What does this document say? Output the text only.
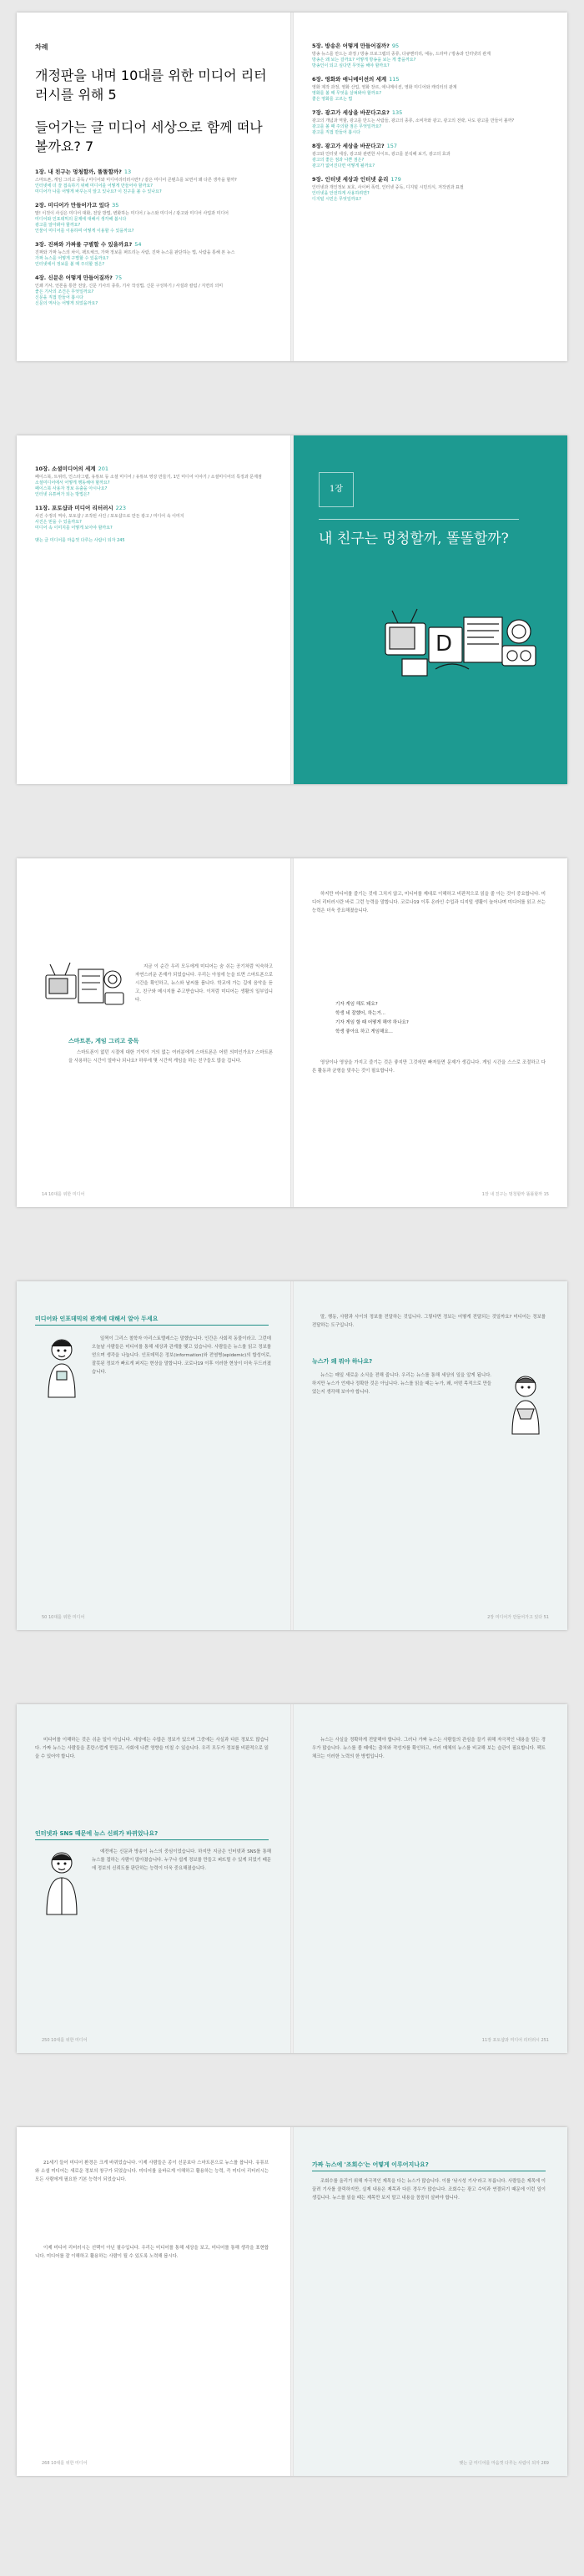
차례

개정판을 내며 10대를 위한 미디어 리터러시를 위해 5

들어가는 글 미디어 세상으로 함께 떠나 볼까요? 7

1장. 내 친구는 멍청할까, 똘똘할까? 13

스마트폰, 게임 그리고 중독 / 미디어와 미디어리터러시란? / 같은 미디어 콘텐츠를 보면서 왜 다른 생각을 할까?

인터넷에 더 잘 접속하기 위해 미디어를 어떻게 만들어야 할까요?

미디어가 나를 어떻게 바꾸는지 알고 있나요? 이 친구를 볼 수 있나요?

2장. 미디어가 만들어가고 있다 35

말! 이것이 사실은 미디어 대화, 전달 방법, 변화하는 미디어 / 뉴스와 미디어 / 광고와 미디어 사업과 미디어

미디어와 인포데믹의 문제에 대해서 생각해 봅시다

광고를 알아봐야 할까요?

인물이 미디어를 이용하며 어떻게 이용할 수 있을까요?

3장. 진짜와 가짜를 구별할 수 있을까요? 54

진짜와 가짜 뉴스의 차이, 팩트체크, 가짜 정보를 퍼뜨리는 사람, 진짜 뉴스를 판단하는 법, 사람을 통해 본 뉴스

가짜 뉴스를 어떻게 구별할 수 있을까요?

인터넷에서 정보를 볼 때 주의할 점은?

4장. 신문은 어떻게 만들어질까? 75

인쇄 기사, 언론을 통한 전달, 신문 기사의 종류, 기사 작성법, 신문 구성하기 / 사설과 칼럼 / 지면의 의미

좋은 기사의 조건은 무엇일까요?

신문을 직접 만들어 봅시다

신문의 역사는 어떻게 되었을까요?

5장. 방송은 어떻게 만들어질까? 95

방송 뉴스를 만드는 과정 / 방송 프로그램의 종류, 다큐멘터리, 예능, 드라마 / 방송과 인터넷의 관계

방송은 왜 보는 걸까요? 어떻게 방송을 보는 게 좋을까요?

방송인이 되고 싶다면 무엇을 해야 할까요?

6장. 영화와 애니메이션의 세계 115

영화 제작 과정, 영화 산업, 영화 장르, 애니메이션, 영화 미디어와 캐릭터의 관계

영화를 볼 때 무엇을 살펴봐야 할까요?

좋은 영화를 고르는 법

7장. 광고가 세상을 바꾼다고요? 135

광고의 개념과 역할, 광고를 만드는 사람들, 광고의 종류, 소비자와 광고, 광고의 전략, 나도 광고를 만들어 볼까?

광고를 볼 때 주의할 점은 무엇일까요?

광고를 직접 만들어 봅시다

8장. 광고가 세상을 바꾼다고? 157

광고와 인터넷 세상, 광고와 관련한 사이트, 광고를 분석해 보기, 광고의 효과

광고의 좋은 점과 나쁜 점은?

광고가 없어진다면 어떻게 될까요?

9장. 인터넷 세상과 인터넷 윤리 179

인터넷과 개인정보 보호, 사이버 폭력, 인터넷 중독, 디지털 시민의식, 저작권과 표절

인터넷을 안전하게 사용하려면?

디지털 시민은 무엇일까요?

10장. 소셜미디어의 세계 201

페이스북, 트위터, 인스타그램, 유튜브 등 소셜 미디어 / 유튜브 영상 만들기, 1인 미디어 이야기 / 소셜미디어의 특징과 문제점

소셜미디어에서 어떻게 행동해야 할까요?

페이스북 사용자 정보 유출을 아시나요?

인터넷 유튜버가 되는 방법은?

11장. 포토샵과 미디어 리터러시 223

사진 수정의 역사, 포토샵 / 조작된 사진 / 포토샵으로 만든 광고 / 미디어 속 이미지

사진은 믿을 수 있을까요?

미디어 속 이미지를 어떻게 보아야 할까요?

맺는 글 미디어를 마음껏 다루는 사람이 되자 245

1장
내 친구는 멍청할까, 똘똘할까?
D

지금 이 순간 우리 모두에게 미디어는 숨 쉬는 공기처럼 익숙하고 자연스러운 존재가 되었습니다. 우리는 아침에 눈을 뜨면 스마트폰으로 시간을 확인하고, 뉴스와 날씨를 봅니다. 학교에 가는 길에 음악을 듣고, 친구와 메시지를 주고받습니다. 이처럼 미디어는 생활의 일부입니다.

스마트폰, 게임 그리고 중독

스마트폰이 없던 시절에 대한 기억이 거의 없는 여러분에게 스마트폰은 어떤 의미인가요? 스마트폰을 사용하는 시간이 얼마나 되나요? 하루에 몇 시간씩 게임을 하는 친구들도 많을 겁니다.

14 10대를 위한 미디어

하지만 미디어를 즐기는 것에 그치지 않고, 미디어를 제대로 이해하고 비판적으로 읽을 줄 아는 것이 중요합니다. 미디어 리터러시란 바로 그런 능력을 말합니다. 코로나19 이후 온라인 수업과 디지털 생활이 늘어나며 미디어를 읽고 쓰는 능력은 더욱 중요해졌습니다.

기자 게임 해도 돼요?
학생 네 잘했어, 하는거...
기자 게임 할 때 어떻게 해야 하나요?
학생 좋아요 하고 게임해요...

영상이나 영상을 가지고 즐기는 것은 좋지만 그것에만 빠져들면 문제가 생깁니다. 게임 시간을 스스로 조절하고 다른 활동과 균형을 맞추는 것이 필요합니다.

1장 내 친구는 멍청할까 똘똘할까 15
미디어와 인포데믹의 관계에 대해서 알아 두세요

일찍이 그리스 철학자 아리스토텔레스는 말했습니다. 인간은 사회적 동물이라고. 그런데 오늘날 사람들은 미디어를 통해 세상과 관계를 맺고 있습니다. 사람들은 뉴스를 읽고 정보를 얻으며 생각을 나눕니다. 인포데믹은 정보(information)와 전염병(epidemic)의 합성어로, 잘못된 정보가 빠르게 퍼지는 현상을 말합니다. 코로나19 이후 이러한 현상이 더욱 두드러졌습니다.

50 10대를 위한 미디어

말, 행동, 사람과 사이의 정보를 전달하는 것입니다. 그렇다면 정보는 어떻게 전달되는 것일까요? 미디어는 정보를 전달하는 도구입니다.

뉴스가 왜 뭐야 하나요?

뉴스는 매일 새로운 소식을 전해 줍니다. 우리는 뉴스를 통해 세상의 일을 알게 됩니다. 하지만 뉴스가 언제나 정확한 것은 아닙니다. 뉴스를 읽을 때는 누가, 왜, 어떤 목적으로 만들었는지 생각해 보아야 합니다.

2장 미디어가 만들어가고 있다 51

미디어를 이해하는 것은 쉬운 일이 아닙니다. 세상에는 수많은 정보가 있으며 그중에는 사실과 다른 정보도 많습니다. 가짜 뉴스는 사람들을 혼란스럽게 만들고, 사회에 나쁜 영향을 미칠 수 있습니다. 우리 모두가 정보를 비판적으로 읽을 수 있어야 합니다.

인터넷과 SNS 때문에 뉴스 신뢰가 바뀌었나요?

예전에는 신문과 방송이 뉴스의 중심이었습니다. 하지만 지금은 인터넷과 SNS를 통해 뉴스를 접하는 사람이 많아졌습니다. 누구나 쉽게 정보를 만들고 퍼뜨릴 수 있게 되었기 때문에 정보의 신뢰도를 판단하는 능력이 더욱 중요해졌습니다.

250 10대를 위한 미디어

뉴스는 사실을 정확하게 전달해야 합니다. 그러나 가짜 뉴스는 사람들의 관심을 끌기 위해 자극적인 내용을 담는 경우가 많습니다. 뉴스를 볼 때에는 출처와 작성자를 확인하고, 여러 매체의 뉴스를 비교해 보는 습관이 필요합니다. 팩트체크는 이러한 노력의 한 방법입니다.

11장 포토샵과 미디어 리터러시 251

21세기 들어 미디어 환경은 크게 바뀌었습니다. 이제 사람들은 종이 신문보다 스마트폰으로 뉴스를 봅니다. 유튜브와 소셜 미디어는 새로운 정보의 창구가 되었습니다. 미디어를 올바르게 이해하고 활용하는 능력, 즉 미디어 리터러시는 모든 사람에게 필요한 기본 능력이 되었습니다.

이제 미디어 리터러시는 선택이 아닌 필수입니다. 우리는 미디어를 통해 세상을 보고, 미디어를 통해 생각을 표현합니다. 미디어를 잘 이해하고 활용하는 사람이 될 수 있도록 노력해 봅시다.

268 10대를 위한 미디어
가짜 뉴스에 '조회수'는 어떻게 이루어지나요?

조회수를 올리기 위해 자극적인 제목을 다는 뉴스가 많습니다. 이를 '낚시성 기사'라고 부릅니다. 사람들은 제목에 이끌려 기사를 클릭하지만, 실제 내용은 제목과 다른 경우가 많습니다. 조회수는 광고 수익과 연결되기 때문에 이런 일이 생깁니다. 뉴스를 읽을 때는 제목만 보지 말고 내용을 꼼꼼히 살펴야 합니다.

맺는 글 미디어를 마음껏 다루는 사람이 되자 269
